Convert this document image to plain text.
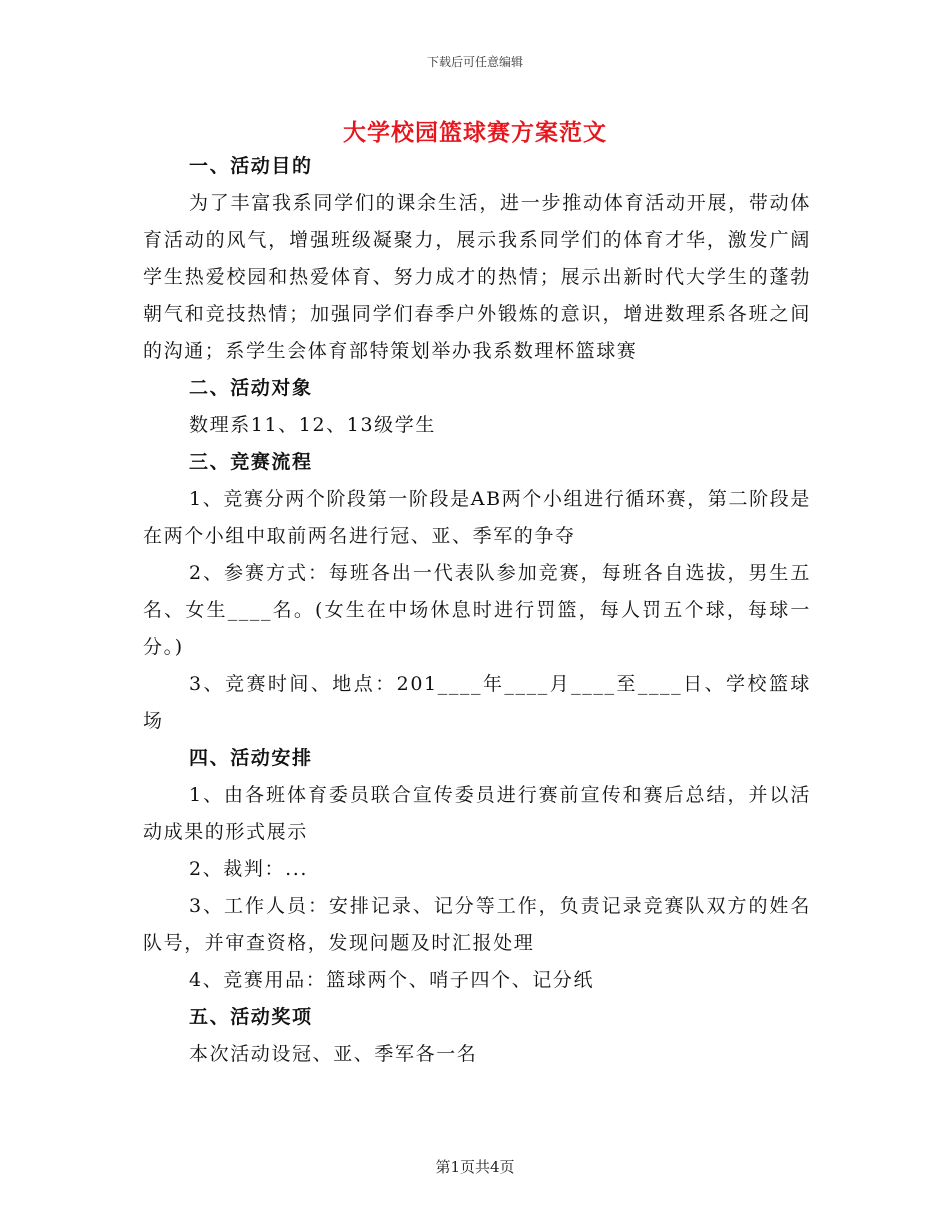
下载后可任意编辑
大学校园篮球赛方案范文
一、活动目的
为了丰富我系同学们的课余生活，进一步推动体育活动开展，带动体育活动的风气，增强班级凝聚力，展示我系同学们的体育才华，激发广阔学生热爱校园和热爱体育、努力成才的热情；展示出新时代大学生的蓬勃朝气和竞技热情；加强同学们春季户外锻炼的意识，增进数理系各班之间的沟通；系学生会体育部特策划举办我系数理杯篮球赛
二、活动对象
数理系11、12、13级学生
三、竞赛流程
1、竞赛分两个阶段第一阶段是AB两个小组进行循环赛，第二阶段是在两个小组中取前两名进行冠、亚、季军的争夺
2、参赛方式：每班各出一代表队参加竞赛，每班各自选拔，男生五名、女生____名。(女生在中场休息时进行罚篮，每人罚五个球，每球一分。)
3、竞赛时间、地点：201____年____月____至____日、学校篮球场
四、活动安排
1、由各班体育委员联合宣传委员进行赛前宣传和赛后总结，并以活动成果的形式展示
2、裁判：...
3、工作人员：安排记录、记分等工作，负责记录竞赛队双方的姓名队号，并审查资格，发现问题及时汇报处理
4、竞赛用品：篮球两个、哨子四个、记分纸
五、活动奖项
本次活动设冠、亚、季军各一名
第1页共4页
